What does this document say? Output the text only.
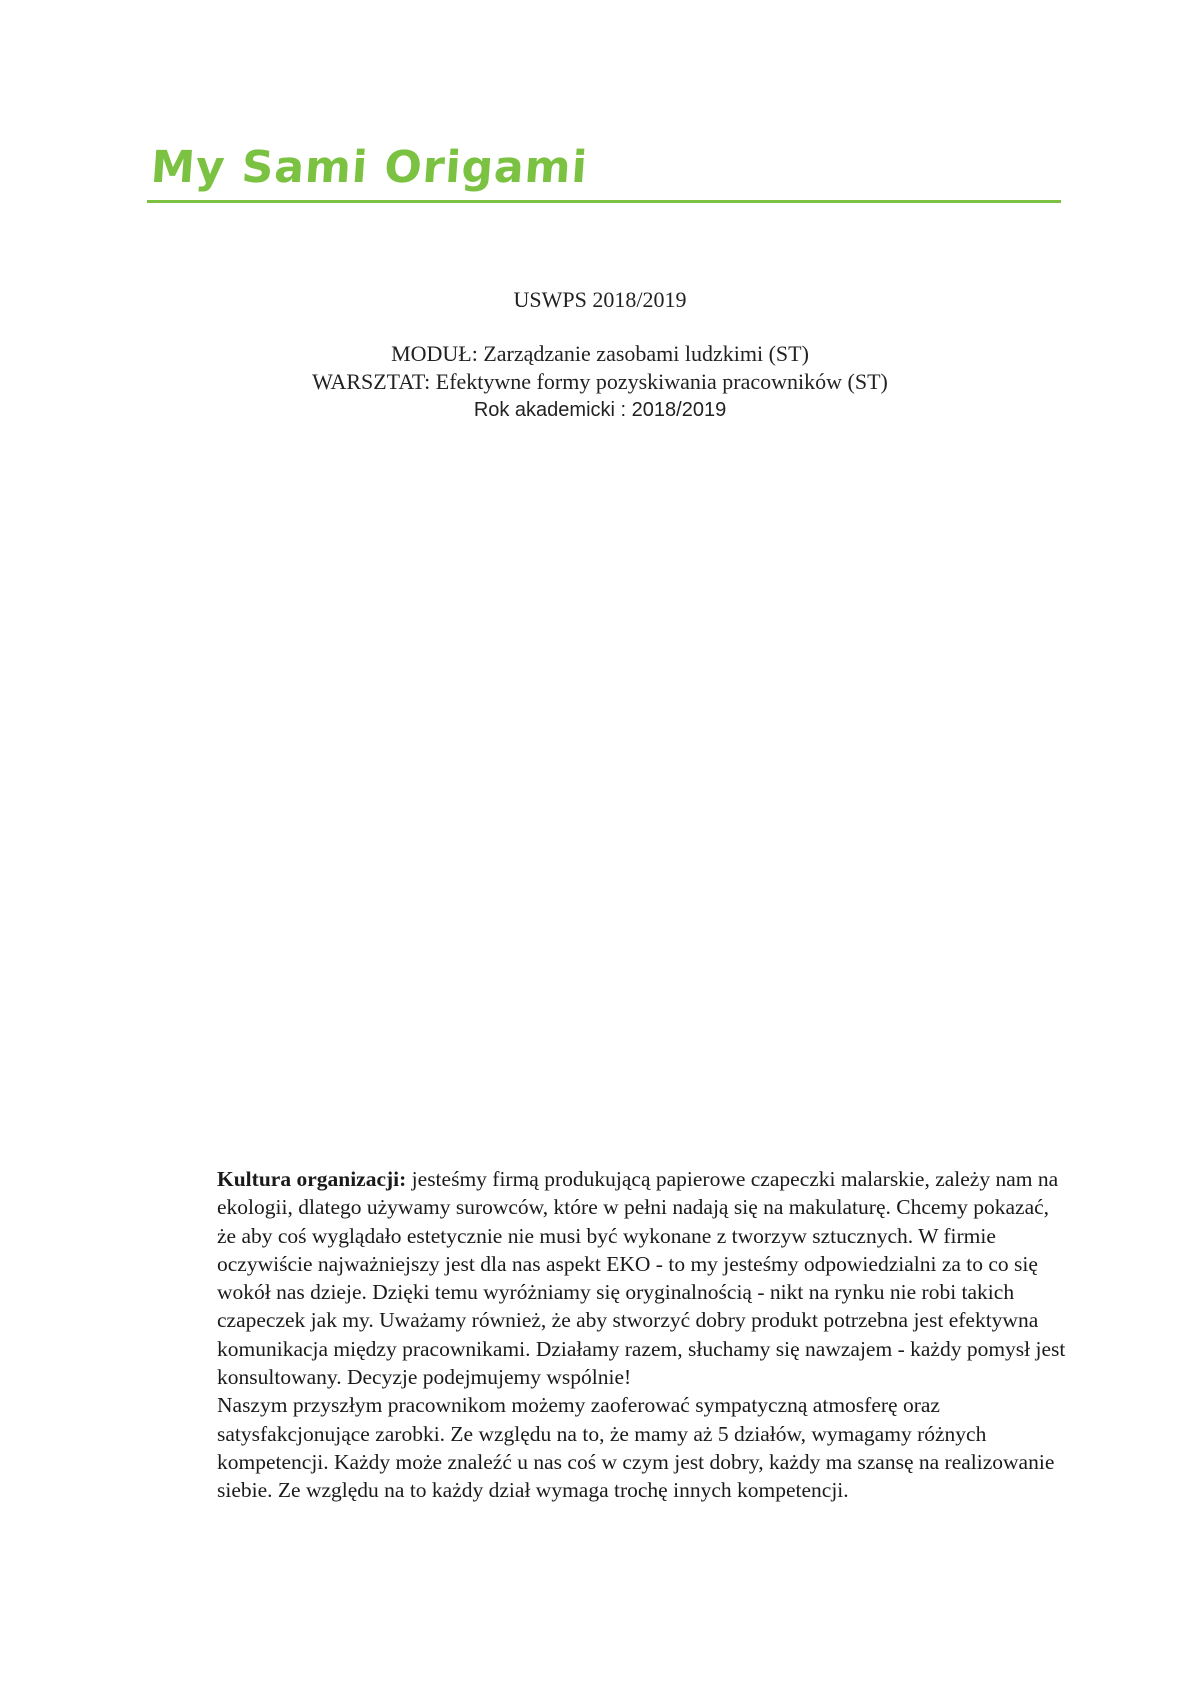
My Sami Origami
USWPS 2018/2019
MODUŁ: Zarządzanie zasobami ludzkimi (ST)
WARSZTAT: Efektywne formy pozyskiwania pracowników (ST)
Rok akademicki : 2018/2019

Kultura organizacji: jesteśmy firmą produkującą papierowe czapeczki malarskie, zależy nam na ekologii, dlatego używamy surowców, które w pełni nadają się na makulaturę. Chcemy pokazać, że aby coś wyglądało estetycznie nie musi być wykonane z tworzyw sztucznych. W firmie oczywiście najważniejszy jest dla nas aspekt EKO - to my jesteśmy odpowiedzialni za to co się wokół nas dzieje. Dzięki temu wyróżniamy się oryginalnością - nikt na rynku nie robi takich czapeczek jak my. Uważamy również, że aby stworzyć dobry produkt potrzebna jest efektywna komunikacja między pracownikami. Działamy razem, słuchamy się nawzajem - każdy pomysł jest konsultowany. Decyzje podejmujemy wspólnie!

Naszym przyszłym pracownikom możemy zaoferować sympatyczną atmosferę oraz satysfakcjonujące zarobki. Ze względu na to, że mamy aż 5 działów, wymagamy różnych kompetencji. Każdy może znaleźć u nas coś w czym jest dobry, każdy ma szansę na realizowanie siebie. Ze względu na to każdy dział wymaga trochę innych kompetencji.
